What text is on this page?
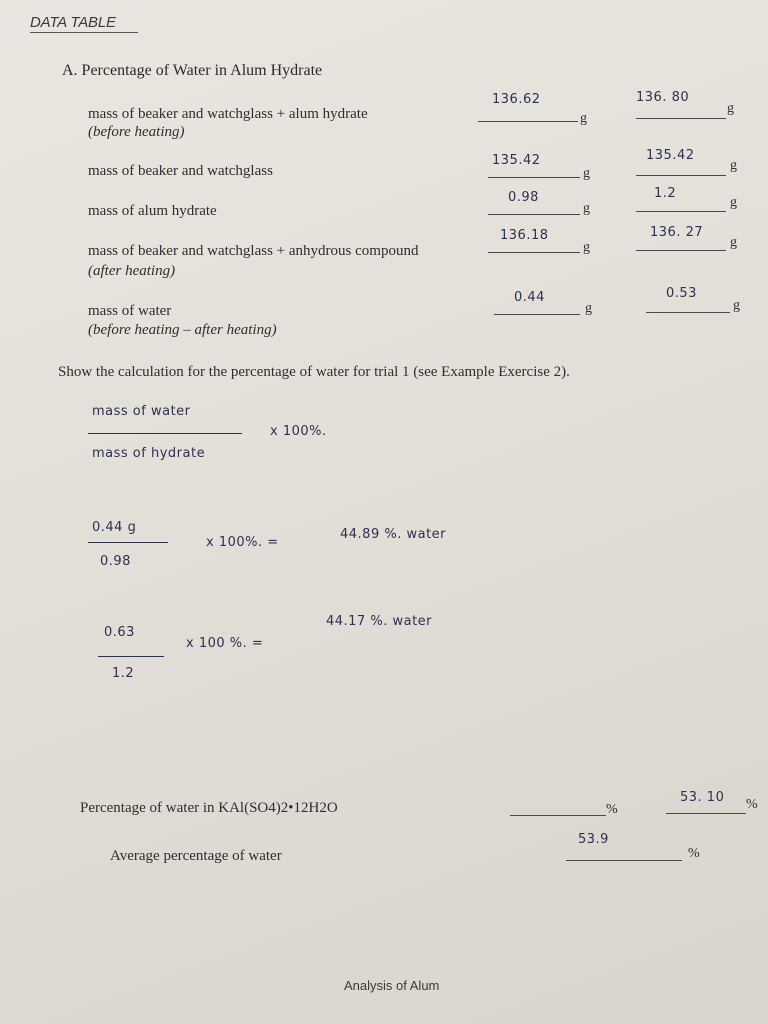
DATA TABLE
A. Percentage of Water in Alum Hydrate
mass of beaker and watchglass + alum hydrate
(before heating)
136.62
g
136. 80
g
mass of beaker and watchglass
135.42
g
135.42
g
mass of alum hydrate
0.98
g
1.2
g
mass of beaker and watchglass + anhydrous compound
(after heating)
136.18
g
136. 27
g
mass of water
(before heating – after heating)
0.44
g
0.53
g
Show the calculation for the percentage of water for trial 1 (see Example Exercise 2).
mass of water
mass of hydrate
x 100%.
0.44 g
0.98
x 100%. =
44.89 %. water
0.63
1.2
x 100 %. =
44.17 %. water
Percentage of water in KAl(SO4)2•12H2O	%
53. 10 %
Average percentage of water
53.9
%
Analysis of Alum
